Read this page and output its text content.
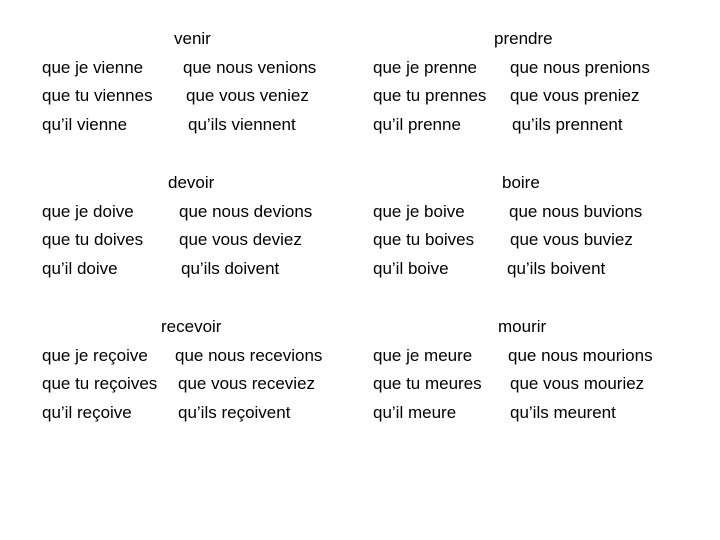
venir
que je vienne que nous venions
que tu viennes que vous veniez
qu’il vienne	qu’ils viennent
prendre
que je prenne que nous prenions
que tu prennes que vous preniez
qu’il prenne	qu’ils prennent
devoir
que je doive	que nous devions
que tu doives que vous deviez
qu’il doive	qu’ils doivent
boire
que je boive	que nous buvions
que tu boives que vous buviez
qu’il boive	qu’ils boivent
recevoir
que je reçoive que nous recevions
que tu reçoives que vous receviez
qu’il reçoive	qu’ils reçoivent
mourir
que je meure que nous mourions
que tu meures que vous mouriez
qu’il meure	qu’ils meurent
